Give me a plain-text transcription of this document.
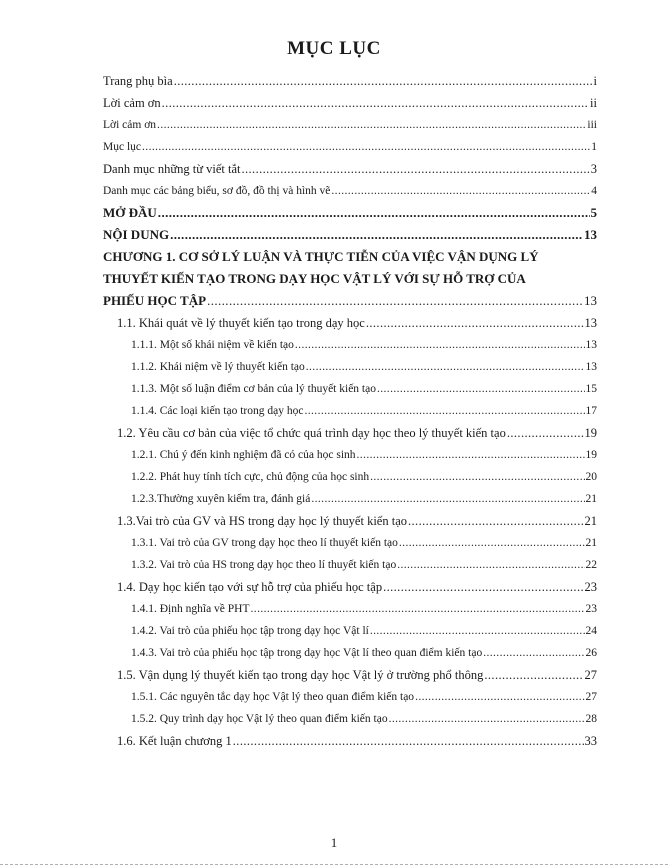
MỤC LỤC
Trang phụ bìa .....	i
Lời cảm ơn .....	ii
Lời cảm ơn .....	iii
Mục lục .....	1
Danh mục những từ viết tắt .....	3
Danh mục các bảng biểu, sơ đồ, đồ thị và hình vẽ .....	4
MỞ ĐẦU .....	5
NỘI DUNG .....	13
CHƯƠNG 1. CƠ SỞ LÝ LUẬN VÀ THỰC TIỄN CỦA VIỆC VẬN DỤNG LÝ
THUYẾT KIẾN TẠO TRONG DẠY HỌC VẬT LÝ VỚI SỰ HỖ TRỢ CỦA
PHIẾU HỌC TẬP .....	13
1.1. Khái quát về lý thuyết kiến tạo trong dạy học .....	13
1.1.1. Một số khái niệm về kiến tạo .....	13
1.1.2. Khái niệm về lý thuyết kiến tạo .....	13
1.1.3. Một số luận điểm cơ bản của lý thuyết kiến tạo .....	15
1.1.4. Các loại kiến tạo trong dạy học .....	17
1.2. Yêu cầu cơ bản của việc tổ chức quá trình dạy học theo lý thuyết kiến tạo .....	19
1.2.1. Chú ý đến kinh nghiệm đã có của học sinh .....	19
1.2.2. Phát huy tính tích cực, chủ động của học sinh .....	20
1.2.3.Thường xuyên kiểm tra, đánh giá .....	21
1.3.Vai trò của GV và HS trong dạy học lý thuyết kiến tạo .....	21
1.3.1. Vai trò của GV trong dạy học theo lí thuyết kiến tạo .....	21
1.3.2. Vai trò của HS trong dạy học theo lí thuyết kiến tạo .....	22
1.4. Dạy học kiến tạo với sự hỗ trợ của phiếu học tập .....	23
1.4.1. Định nghĩa về PHT .....	23
1.4.2. Vai trò của phiếu học tập trong dạy học Vật lí .....	24
1.4.3. Vai trò của phiếu học tập trong dạy học Vật lí theo quan điểm kiến tạo .....	26
1.5. Vận dụng lý thuyết kiến tạo trong dạy học Vật lý ở trường phổ thông .....	27
1.5.1. Các nguyên tắc dạy học Vật lý theo quan điểm kiến tạo .....	27
1.5.2. Quy trình dạy học Vật lý theo quan điểm kiến tạo .....	28
1.6. Kết luận chương 1 .....	33
1
